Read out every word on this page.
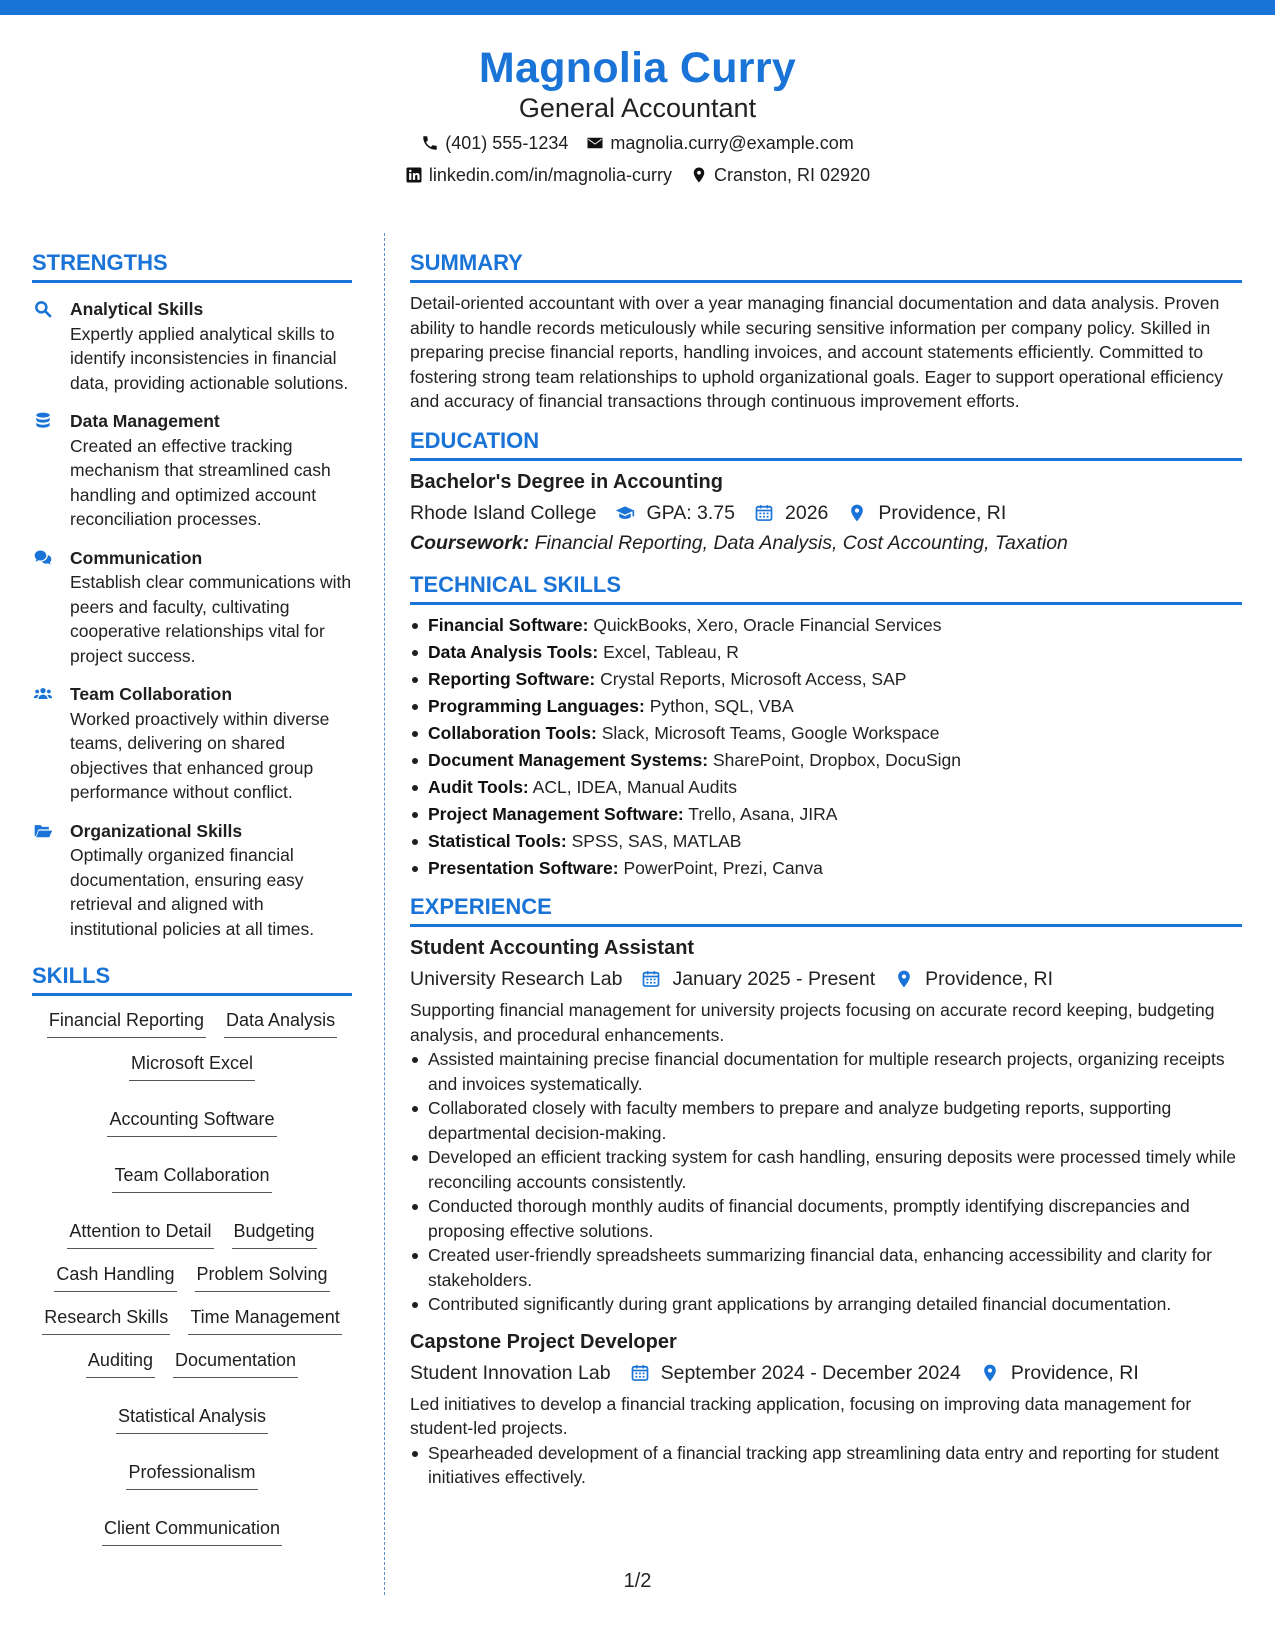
Magnolia Curry
General Accountant
(401) 555-1234 magnolia.curry@example.com
linkedin.com/in/magnolia-curry Cranston, RI 02920
STRENGTHS
Analytical Skills
Expertly applied analytical skills to identify inconsistencies in financial data, providing actionable solutions.
Data Management
Created an effective tracking mechanism that streamlined cash handling and optimized account reconciliation processes.
Communication
Establish clear communications with peers and faculty, cultivating cooperative relationships vital for project success.
Team Collaboration
Worked proactively within diverse teams, delivering on shared objectives that enhanced group performance without conflict.
Organizational Skills
Optimally organized financial documentation, ensuring easy retrieval and aligned with institutional policies at all times.
SKILLS
Financial Reporting Data Analysis
Microsoft Excel
Accounting Software
Team Collaboration
Attention to Detail Budgeting
Cash Handling Problem Solving
Research Skills Time Management
Auditing Documentation
Statistical Analysis
Professionalism
Client Communication
SUMMARY
Detail-oriented accountant with over a year managing financial documentation and data analysis. Proven ability to handle records meticulously while securing sensitive information per company policy. Skilled in preparing precise financial reports, handling invoices, and account statements efficiently. Committed to fostering strong team relationships to uphold organizational goals. Eager to support operational efficiency and accuracy of financial transactions through continuous improvement efforts.
EDUCATION
Bachelor's Degree in Accounting
Rhode Island College	GPA: 3.75	2026	Providence, RI
Coursework: Financial Reporting, Data Analysis, Cost Accounting, Taxation
TECHNICAL SKILLS
Financial Software: QuickBooks, Xero, Oracle Financial Services
Data Analysis Tools: Excel, Tableau, R
Reporting Software: Crystal Reports, Microsoft Access, SAP
Programming Languages: Python, SQL, VBA
Collaboration Tools: Slack, Microsoft Teams, Google Workspace
Document Management Systems: SharePoint, Dropbox, DocuSign
Audit Tools: ACL, IDEA, Manual Audits
Project Management Software: Trello, Asana, JIRA
Statistical Tools: SPSS, SAS, MATLAB
Presentation Software: PowerPoint, Prezi, Canva
EXPERIENCE
Student Accounting Assistant
University Research Lab	January 2025 - Present	Providence, RI
Supporting financial management for university projects focusing on accurate record keeping, budgeting analysis, and procedural enhancements.
Assisted maintaining precise financial documentation for multiple research projects, organizing receipts and invoices systematically.
Collaborated closely with faculty members to prepare and analyze budgeting reports, supporting departmental decision-making.
Developed an efficient tracking system for cash handling, ensuring deposits were processed timely while reconciling accounts consistently.
Conducted thorough monthly audits of financial documents, promptly identifying discrepancies and proposing effective solutions.
Created user-friendly spreadsheets summarizing financial data, enhancing accessibility and clarity for stakeholders.
Contributed significantly during grant applications by arranging detailed financial documentation.
Capstone Project Developer
Student Innovation Lab	September 2024 - December 2024	Providence, RI
Led initiatives to develop a financial tracking application, focusing on improving data management for student-led projects.
Spearheaded development of a financial tracking app streamlining data entry and reporting for student initiatives effectively.
1/2
